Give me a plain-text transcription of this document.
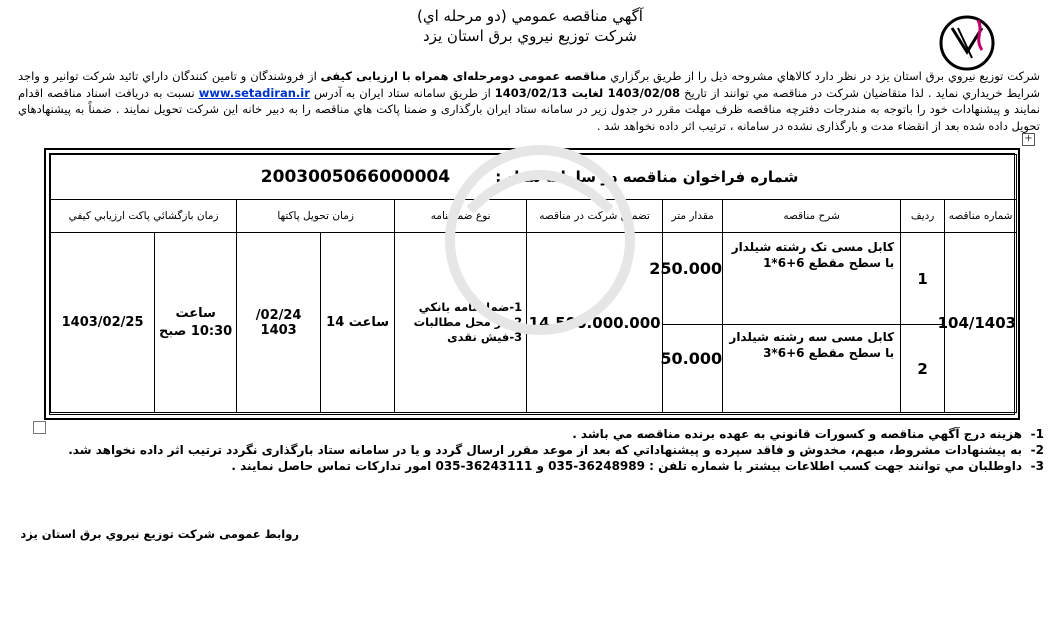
آگهي مناقصه عمومي (دو مرحله اي)
شركت توزيع نيروي برق استان يزد
شركت توزيع نيروي برق استان يزد در نظر دارد كالاهاي مشروحه ذيل را از طريق برگزاري مناقصه عمومی دومرحله‌ای همراه با ارزیابی کیفی از فروشندگان و تامين كنندگان داراي تائيد شركت توانير و واجد شرايط خريداري نمايد . لذا متقاضيان شركت در مناقصه مي توانند از تاريخ 1403/02/08 لغایت 1403/02/13 از طريق سامانه ستاد ايران به آدرس www.setadiran.ir نسبت به دريافت اسناد مناقصه اقدام نمايند و پيشنهادات خود را باتوجه به مندرجات دفترچه مناقصه ظرف مهلت مقرر در جدول زير در سامانه ستاد ايران بارگذاری و ضمنا پاكت هاي مناقصه را به دبير خانه اين شركت تحويل نمايند . ضمناً به پيشنهادهاي تحويل داده شده بعد از انقضاء مدت و بارگذاری نشده در سامانه ، ترتيب اثر داده نخواهد شد .
+
شماره فراخوان مناقصه در سامانه ستاد : 2003005066000004									
شماره مناقصه	رديف	شرح مناقصه	مقدار متر	تضمين شركت در مناقصه	نوع ضمانتنامه	زمان تحويل پاكتها		زمان بازگشائي پاكت ارزيابي كيفي	
104/1403	1	كابل مسی تک رشته شیلدار با سطح مقطع 6+6*1	250.000	14.500.000.000	1-ضمانتنامه بانكي
2- از محل مطالبات
3-فيش نقدی	ساعت 14	02/24/ 1403	ساعت 10:30 صبح	1403/02/25
	2	كابل مسی سه رشته شیلدار با سطح مقطع 6+6*3	50.000						
1-
هزينه درج آگهي مناقصه و كسورات قانوني به عهده برنده مناقصه مي باشد .
2-
به پيشنهادات مشروط، مبهم، مخدوش و فاقد سپرده و پيشنهاداتي كه بعد از موعد مقرر ارسال گردد و يا در سامانه ستاد بارگذاری نگردد ترتيب اثر داده نخواهد شد.
3-
داوطلبان مي توانند جهت كسب اطلاعات بيشتر با شماره تلفن : 36248989-035 و 36243111-035 امور تداركات تماس حاصل نمايند .
روابط عمومی شركت توزيع نيروي برق استان يزد
